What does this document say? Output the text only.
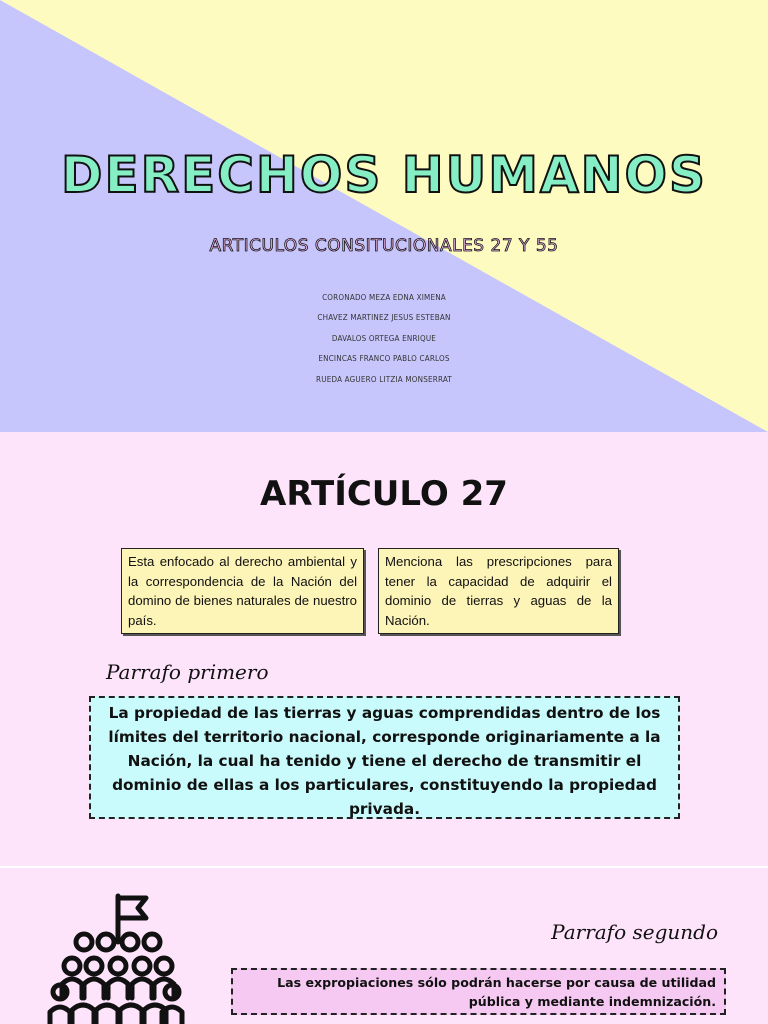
DERECHOS HUMANOS
ARTICULOS CONSITUCIONALES 27 Y 55
CORONADO MEZA EDNA XIMENA
CHAVEZ MARTINEZ JESUS ESTEBAN
DAVALOS ORTEGA ENRIQUE
ENCINCAS FRANCO PABLO CARLOS
RUEDA AGUERO LITZIA MONSERRAT
ARTÍCULO 27
Esta enfocado al derecho ambiental y la correspondencia de la Nación del domino de bienes naturales de nuestro país.
Menciona las prescripciones para tener la capacidad de adquirir el dominio de tierras y aguas de la Nación.
Parrafo primero
La propiedad de las tierras y aguas comprendidas dentro de los límites del territorio nacional, corresponde originariamente a la Nación, la cual ha tenido y tiene el derecho de transmitir el dominio de ellas a los particulares, constituyendo la propiedad privada.
Parrafo segundo
Las expropiaciones sólo podrán hacerse por causa de utilidad pública y mediante indemnización.
